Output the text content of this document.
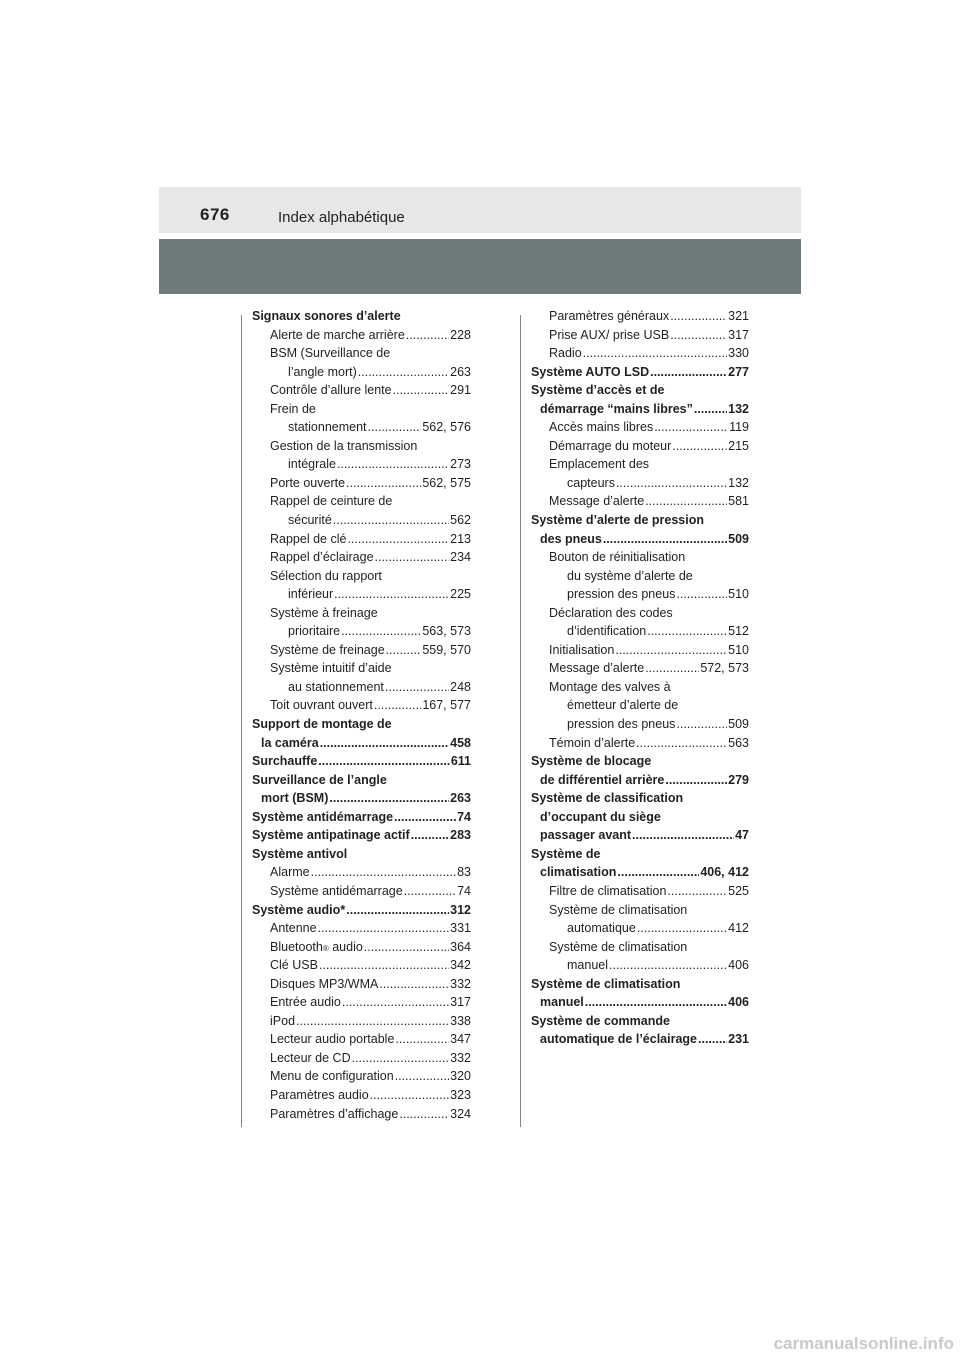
676	Index alphabétique
Signaux sonores d’alerte
Alerte de marche arrière .....	228
BSM (Surveillance de
l’angle mort) .....	263
Contrôle d’allure lente .....	291
Frein de
stationnement .....	562, 576
Gestion de la transmission
intégrale .....	273
Porte ouverte .....	562, 575
Rappel de ceinture de
sécurité .....	562
Rappel de clé .....	213
Rappel d’éclairage .....	234
Sélection du rapport
inférieur .....	225
Système à freinage
prioritaire .....	563, 573
Système de freinage .....	559, 570
Système intuitif d’aide
au stationnement .....	248
Toit ouvrant ouvert .....	167, 577
Support de montage de
la caméra .....	458
Surchauffe .....	611
Surveillance de l’angle
mort (BSM) .....	263
Système antidémarrage .....	74
Système antipatinage actif .....	283
Système antivol
Alarme .....	83
Système antidémarrage .....	74
Système audio * .....	312
Antenne .....	331
Bluetooth ® audio .....	364
Clé USB .....	342
Disques MP3/WMA .....	332
Entrée audio .....	317
iPod .....	338
Lecteur audio portable .....	347
Lecteur de CD .....	332
Menu de configuration .....	320
Paramètres audio .....	323
Paramètres d’affichage .....	324
Paramètres généraux .....	321
Prise AUX/ prise USB .....	317
Radio .....	330
Système AUTO LSD .....	277
Système d’accès et de
démarrage “mains libres” .....	132
Accès mains libres .....	119
Démarrage du moteur .....	215
Emplacement des
capteurs .....	132
Message d’alerte .....	581
Système d’alerte de pression
des pneus .....	509
Bouton de réinitialisation
du système d’alerte de
pression des pneus .....	510
Déclaration des codes
d’identification .....	512
Initialisation .....	510
Message d’alerte .....	572, 573
Montage des valves à
émetteur d’alerte de
pression des pneus .....	509
Témoin d’alerte .....	563
Système de blocage
de différentiel arrière .....	279
Système de classification
d’occupant du siège
passager avant .....	47
Système de
climatisation .....	406, 412
Filtre de climatisation .....	525
Système de climatisation
automatique .....	412
Système de climatisation
manuel .....	406
Système de climatisation
manuel .....	406
Système de commande
automatique de l’éclairage ..... 231
carmanualsonline.info
